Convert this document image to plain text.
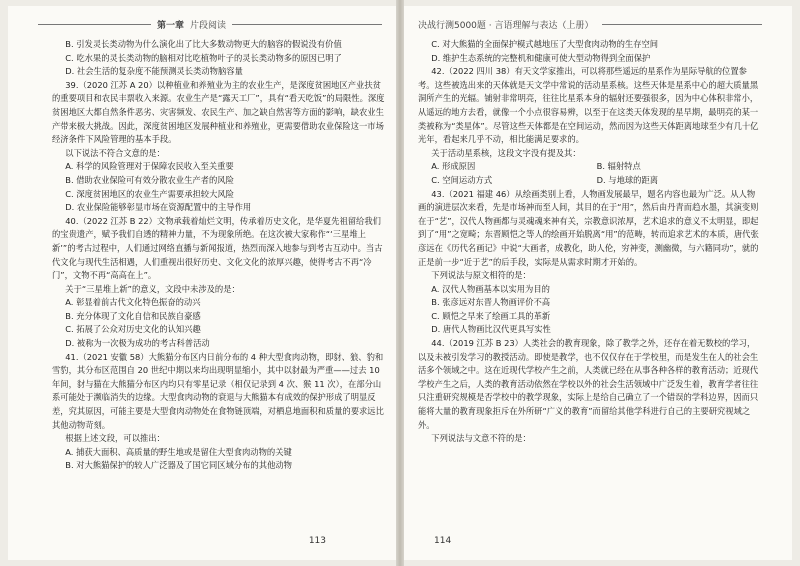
第一章 片段阅读

B. 引发灵长类动物为什么演化出了比大多数动物更大的脑容的假说没有价值

C. 吃水果的灵长类动物的脑相对比吃植物叶子的灵长类动物多的原因已明了

D. 社会生活的复杂度不能预测灵长类动物脑容量

39.（2020 江苏 A 20）以种植业和养殖业为主的农业生产，是深度贫困地区产业扶贫的重要项目和农民丰票收入来源。农业生产是“露天工厂”，具有“看天吃饭”的局限性。深度贫困地区大都自然条件恶劣、灾害频发、农民生产、加之缺自然害等方面的影响，缺农业生产带来极大挑战。因此，深度贫困地区发展种植业和养殖业，更需要借助农业保险这一市场经济条件下风险管理的基本手段。

以下说法不符合文意的是：

A. 科学的风险管理对于保障农民收入至关重要

B. 借助农业保险可有效分散农业生产者的风险

C. 深度贫困地区的农业生产需要承担较大风险

D. 农业保险能够彰显市场在资源配置中的主导作用

40.（2022 江苏 B 22）文物承载着灿烂文明，传承着历史文化，是华夏先祖留给我们的宝贵遗产，赋予我们自透的精神力量，不为现象所绝。在这次被大家称作“‘三星堆上新’”的考古过程中，人们通过网络直播与新闻报道，热烈而深入地参与到考古互动中。当古代文化与现代生活相遇，人们重视出很好历史、文化文化的浓厚兴趣，使得考古不再“冷门”，文物不再“高高在上”。

关于“三星堆上新”的意义，文段中未涉及的是：

A. 彰显着前古代文化特色振奋的动兴

B. 充分体现了文化自信和民族自豪感

C. 拓展了公众对历史文化的认知兴趣

D. 被称为一次极为成功的考古科普活动

41.（2021 安徽 58）大熊猫分布区内日前分布的 4 种大型食肉动物，即豺、狼、豹和雪豹，其分布区范围自 20 世纪中期以来均出现明显缩小，其中以豺最为严重——过去 10 年间，豺与猫在大熊猫分布区内均只有零星记录（相仅记录到 4 次、猴 11 次），在部分山系可能处于濒临消失的边缘。大型食肉动物的衰退与大熊猫本有成效的保护形成了明显反差，究其原因，可能主要是大型食肉动物处在食物链顶端，对栖息地面积和质量的要求远比其他动物苛刻。

根据上述文段，可以推出：

A. 捕获大面积、高质量的野生地或是留住大型食肉动物的关键

B. 对大熊猫保护的较人广泛器及了国它同区域分布的其他动物

113
决战行测5000题 · 言语理解与表达（上册）

C. 对大熊猫的全面保护模式越地压了大型食肉动物的生存空间

D. 维护生态系统的完整机和健康可使大型动物得到全面保护

42.（2022 四川 38）有天文学家推出，可以将那些遥远的星系作为星际导航的位置参考。这些被选出来的天体就是天文学中常说的活动星系核。这些天体是星系中心的超大质量黑洞所产生的光辐。铺射非常明亮，往往比星系本身的辐射还要强很多，因为中心体积非常小，从遥远的地方去看，就像一个小点很容易辨，以至于在这类天体发现的星早期，最明亮的某一类被称为“类星体”。尽管这些天体都是在空间运动，然而因为这些天体距离地球至少有几十亿光年，看起来几乎不动，相比能满足要求的。

关于活动星系核，这段文字没有提及其：

A. 形成原因	B. 辐射特点

C. 空间运动方式	D. 与地球的距离

43.（2021 福建 46）从绘画类别上看，人物画发展最早，题名内容也最为广泛。从人物画的演进层次来看，先是市场神而至人间，其目的在于“用”，然后由丹青而趋水墨，其演变则在于“艺”，汉代人物画都与灵魂魂来神有关，宗教意识浓厚，艺术追求的意义不太明显，即起到了“用”之宽畸；东晋顾恺之等人的绘画开始脱离“用”的范畴，转而追求艺术的本质，唐代张彦远在《历代名画记》中说“大画者，成教化，助人伦，穷神变，测幽微，与六籍同功”，就的正是前一步“近于艺”的后手段，实际是从需求时期才开始的。

下列说法与原文相符的是：

A. 汉代人物画基本以实用为目的

B. 张彦远对东晋人物画评价不高

C. 顾恺之早来了绘画工具的革新

D. 唐代人物画比汉代更具写实性

44.（2019 江苏 B 23）人类社会的教育现象，除了教学之外，还存在着无数校的学习，以及未被引发学习的教授活动。即使是教学，也不仅仅存在于学校里，而是发生在人的社会生活多个领域之中。这在近现代学校产生之前，人类就已经在从事各种各样的教育活动；近现代学校产生之后，人类的教育活动依然在学校以外的社会生活领域中广泛发生着，教育学者往往只注重研究规模是否学校中的教学现象，实际上是给自己确立了一个错误的学科边界，因而只能将大量的教育现象拒斥在外所研“广义的教育”而留给其他学科进行自己的主要研究视域之外。

下列说法与文意不符的是：

114
